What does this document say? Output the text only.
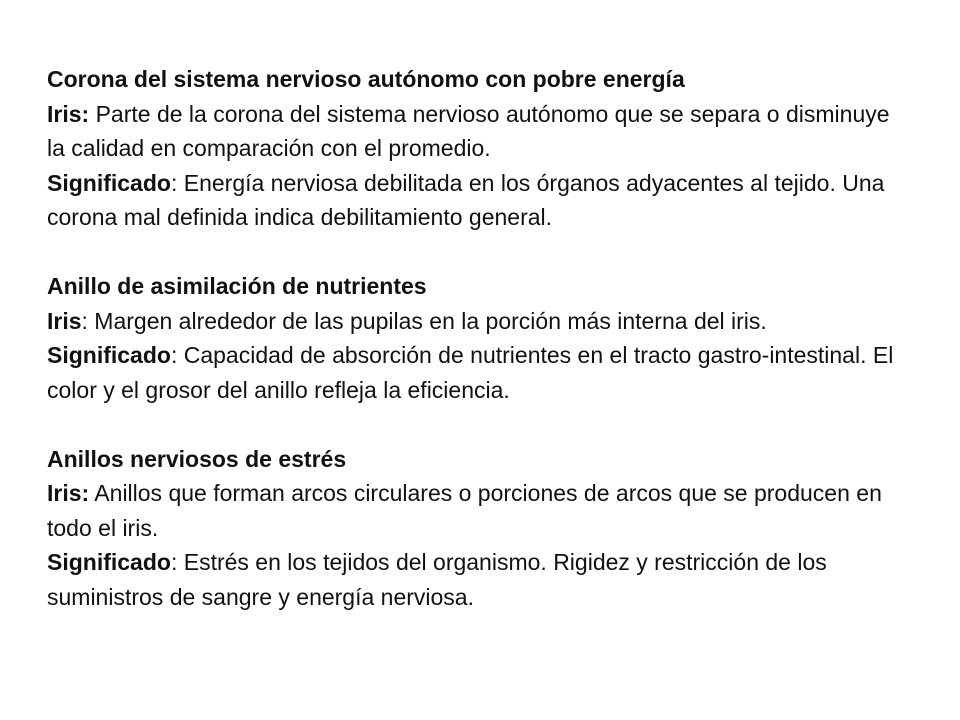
Corona del sistema nervioso autónomo con pobre energía

Iris: Parte de la corona del sistema nervioso autónomo que se separa o disminuye la calidad en comparación con el promedio.

Significado: Energía nerviosa debilitada en los órganos adyacentes al tejido. Una corona mal definida indica debilitamiento general.

Anillo de asimilación de nutrientes

Iris: Margen alrededor de las pupilas en la porción más interna del iris.

Significado: Capacidad de absorción de nutrientes en el tracto gastro-intestinal. El color y el grosor del anillo refleja la eficiencia.

Anillos nerviosos de estrés

Iris: Anillos que forman arcos circulares o porciones de arcos que se producen en todo el iris.

Significado: Estrés en los tejidos del organismo. Rigidez y restricción de los suministros de sangre y energía nerviosa.
